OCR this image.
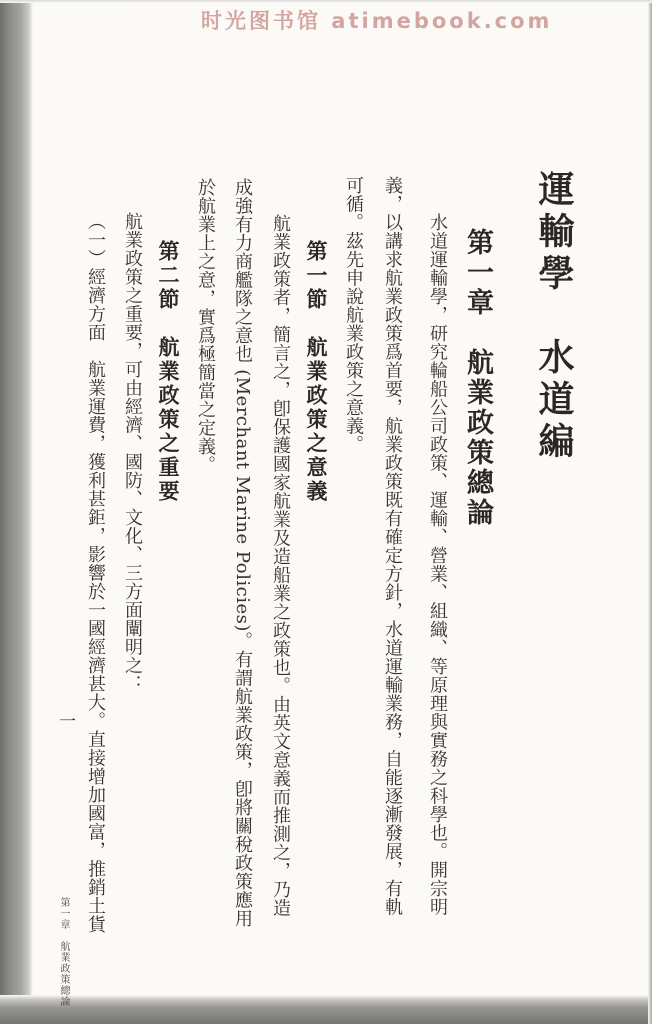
时光图书馆 atimebook.com
運輸學　水道編
第一章　航業政策總論
水道運輸學，研究輪船公司政策、運輸、營業、組織、等原理與實務之科學也。開宗明
義，以講求航業政策爲首要，航業政策既有確定方針，水道運輸業務，自能逐漸發展，有軌
可循。茲先申說航業政策之意義。
第一節　航業政策之意義
航業政策者，簡言之，卽保護國家航業及造船業之政策也。由英文意義而推測之，乃造
成強有力商艦隊之意也 (Merchant Marine Policies)。有謂航業政策，卽將關稅政策應用
於航業上之意，實爲極簡當之定義。
第二節　航業政策之重要
航業政策之重要，可由經濟、國防、文化、三方面闡明之：
（一）經濟方面　航業運費，獲利甚鉅，影響於一國經濟甚大。直接增加國富，推銷土貨
一
第一章　航業政策總論
